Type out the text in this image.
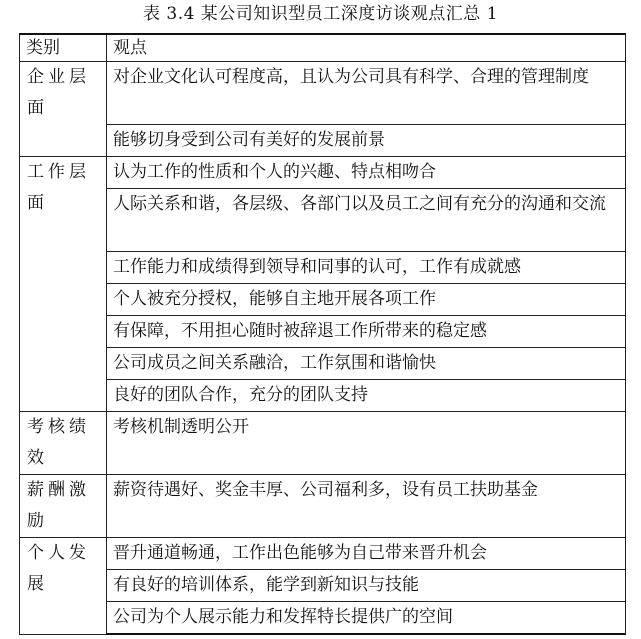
表 3.4 某公司知识型员工深度访谈观点汇总 1
类别	观点
企业层面	对企业文化认可程度高，且认为公司具有科学、合理的管理制度
	能够切身受到公司有美好的发展前景
工作层面	认为工作的性质和个人的兴趣、特点相吻合
	人际关系和谐，各层级、各部门以及员工之间有充分的沟通和交流
	工作能力和成绩得到领导和同事的认可，工作有成就感
	个人被充分授权，能够自主地开展各项工作
	有保障，不用担心随时被辞退工作所带来的稳定感
	公司成员之间关系融洽，工作氛围和谐愉快
	良好的团队合作，充分的团队支持
考核绩效	考核机制透明公开
薪酬激励	薪资待遇好、奖金丰厚、公司福利多，设有员工扶助基金
个人发展	晋升通道畅通，工作出色能够为自己带来晋升机会
	有良好的培训体系，能学到新知识与技能
	公司为个人展示能力和发挥特长提供广的空间
